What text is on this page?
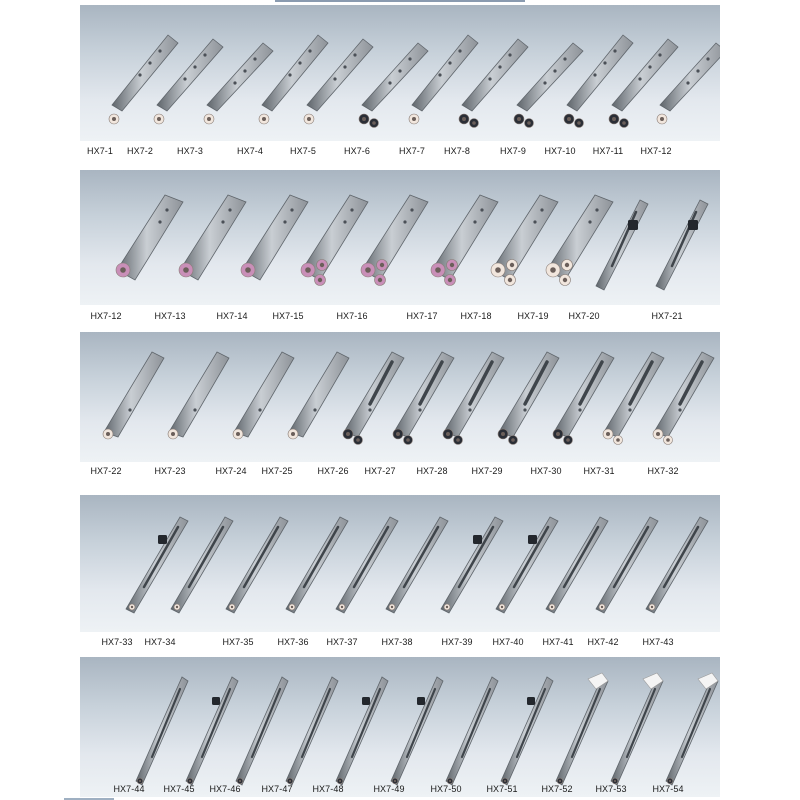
HX7-1 HX7-2	HX7-3	HX7-4	HX7-5	HX7-6	HX7-7 HX7-8	HX7-9 HX7-10 HX7-11 HX7-12
HX7-12	HX7-13	HX7-14	HX7-15	HX7-16	HX7-17	HX7-18	HX7-19 HX7-20	HX7-21
HX7-22	HX7-23	HX7-24 HX7-25	HX7-26 HX7-27 HX7-28	HX7-29	HX7-30 HX7-31	HX7-32
HX7-33 HX7-34	HX7-35	HX7-36 HX7-37	HX7-38	HX7-39 HX7-40 HX7-41 HX7-42	HX7-43
HX7-44 HX7-45 HX7-46 HX7-47 HX7-48	HX7-49	HX7-50	HX7-51	HX7-52	HX7-53	HX7-54
